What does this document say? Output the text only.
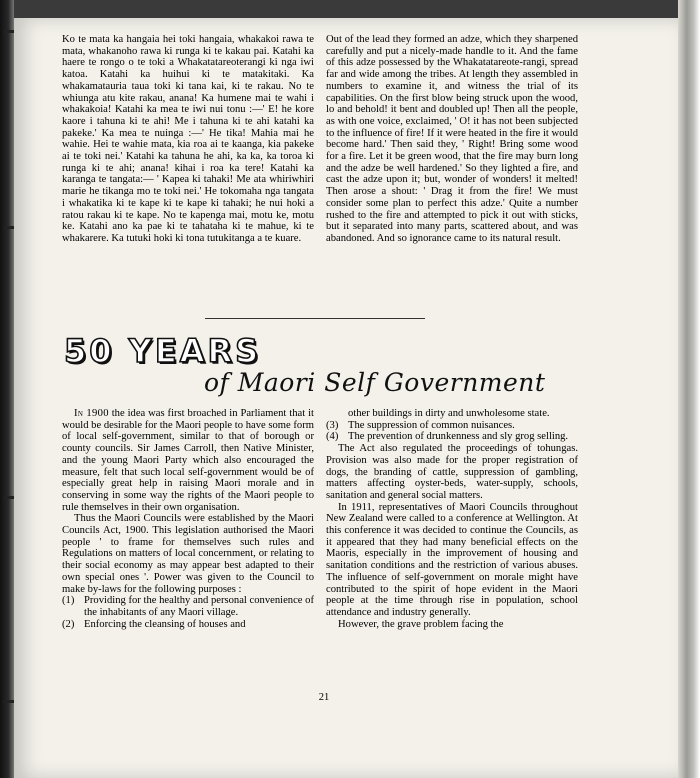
Ko te mata ka hangaia hei toki hangaia, whakakoi rawa te mata, whakanoho rawa ki runga ki te kakau pai. Katahi ka haere te rongo o te toki a Whakatatareoterangi ki nga iwi katoa. Katahi ka huihui ki te matakitaki. Ka whakamatauria taua toki ki tana kai, ki te rakau. No te whiunga atu kite rakau, anana! Ka humene mai te wahi i whakakoia! Katahi ka mea te iwi nui tonu :—' E! he kore kaore i tahuna ki te ahi! Me i tahuna ki te ahi katahi ka pakeke.' Ka mea te nuinga :—' He tika! Mahia mai he wahie. Hei te wahie mata, kia roa ai te kaanga, kia pakeke ai te toki nei.' Katahi ka tahuna he ahi, ka ka, ka toroa ki runga ki te ahi; anana! kihai i roa ka tere! Katahi ka karanga te tangata:— ' Kapea ki tahaki! Me ata whiriwhiri marie he tikanga mo te toki nei.' He tokomaha nga tangata i whakatika ki te kape ki te kape ki tahaki; he nui hoki a ratou rakau ki te kape. No te kapenga mai, motu ke, motu ke. Katahi ano ka pae ki te tahataha ki te mahue, ki te whakarere. Ka tutuki hoki ki tona tutukitanga a te kuare.

Out of the lead they formed an adze, which they sharpened carefully and put a nicely-made handle to it. And the fame of this adze possessed by the Whakatatareote-rangi, spread far and wide among the tribes. At length they assembled in numbers to examine it, and witness the trial of its capabilities. On the first blow being struck upon the wood, lo and behold! it bent and doubled up! Then all the people, as with one voice, exclaimed, ' O! it has not been subjected to the influence of fire! If it were heated in the fire it would become hard.' Then said they, ' Right! Bring some wood for a fire. Let it be green wood, that the fire may burn long and the adze be well hardened.' So they lighted a fire, and cast the adze upon it; but, wonder of wonders! it melted! Then arose a shout: ' Drag it from the fire! We must consider some plan to perfect this adze.' Quite a number rushed to the fire and attempted to pick it out with sticks, but it separated into many parts, scattered about, and was abandoned. And so ignorance came to its natural result.

50 YEARS
of Maori Self Government

In 1900 the idea was first broached in Parliament that it would be desirable for the Maori people to have some form of local self-government, similar to that of borough or county councils. Sir James Carroll, then Native Minister, and the young Maori Party which also encouraged the measure, felt that such local self-government would be of especially great help in raising Maori morale and in conserving in some way the rights of the Maori people to rule themselves in their own organisation.

Thus the Maori Councils were established by the Maori Councils Act, 1900. This legislation authorised the Maori people ' to frame for themselves such rules and Regulations on matters of local concernment, or relating to their social economy as may appear best adapted to their own special ones '. Power was given to the Council to make by-laws for the following purposes :

(1) Providing for the healthy and personal convenience of the inhabitants of any Maori village.
(2) Enforcing the cleansing of houses and

other buildings in dirty and unwholesome state.

(3) The suppression of common nuisances.
(4) The prevention of drunkenness and sly grog selling.

The Act also regulated the proceedings of tohungas. Provision was also made for the proper registration of dogs, the branding of cattle, suppression of gambling, matters affecting oyster-beds, water-supply, schools, sanitation and general social matters.

In 1911, representatives of Maori Councils throughout New Zealand were called to a conference at Wellington. At this conference it was decided to continue the Councils, as it appeared that they had many beneficial effects on the Maoris, especially in the improvement of housing and sanitation conditions and the restriction of various abuses. The influence of self-government on morale might have contributed to the spirit of hope evident in the Maori people at the time through rise in population, school attendance and industry generally.

However, the grave problem facing the

21
